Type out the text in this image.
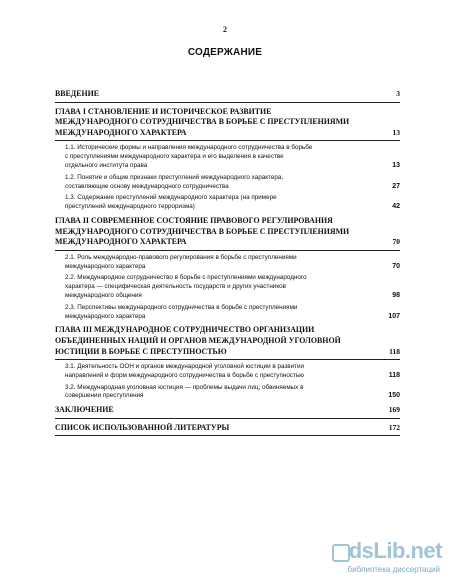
2
СОДЕРЖАНИЕ
3
ВВЕДЕНИЕ
ГЛАВА I СТАНОВЛЕНИЕ И ИСТОРИЧЕСКОЕ РАЗВИТИЕ
МЕЖДУНАРОДНОГО СОТРУДНИЧЕСТВА В БОРЬБЕ С ПРЕСТУПЛЕНИЯМИ
13
МЕЖДУНАРОДНОГО ХАРАКТЕРА
1.1. Исторические формы и направления международного сотрудничества в борьбе
с преступлениями международного характера и его выделения в качестве
13
отдельного института права
1.2. Понятие и общие признаки преступлений международного характера,
27
составляющие основу международного сотрудничества
1.3. Содержание преступлений международного характера (на примере
42
преступлений международного терроризма)
ГЛАВА II СОВРЕМЕННОЕ СОСТОЯНИЕ ПРАВОВОГО РЕГУЛИРОВАНИЯ
МЕЖДУНАРОДНОГО СОТРУДНИЧЕСТВА В БОРЬБЕ С ПРЕСТУПЛЕНИЯМИ
70
МЕЖДУНАРОДНОГО ХАРАКТЕРА
2.1. Роль международно-правового регулирования в борьбе с преступлениями
70
международного характера
2.2. Международное сотрудничество в борьбе с преступлениями международного
характера — специфическая деятельность государств и других участников
98
международного общения
2.3. Перспективы международного сотрудничества в борьбе с преступлениями
107
международного характера
ГЛАВА III МЕЖДУНАРОДНОЕ СОТРУДНИЧЕСТВО ОРГАНИЗАЦИИ
ОБЪЕДИНЕННЫХ НАЦИЙ И ОРГАНОВ МЕЖДУНАРОДНОЙ УГОЛОВНОЙ
118
ЮСТИЦИИ В БОРЬБЕ С ПРЕСТУПНОСТЬЮ
3.1. Деятельность ООН и органов международной уголовной юстиции в развитии
118
направлений и форм международного сотрудничества в борьбе с преступностью
3.2. Международная уголовная юстиция — проблемы выдачи лиц, обвиняемых в
150
совершении преступления
169
ЗАКЛЮЧЕНИЕ
172
СПИСОК ИСПОЛЬЗОВАННОЙ ЛИТЕРАТУРЫ
dsLib.net
библиотека диссертаций
